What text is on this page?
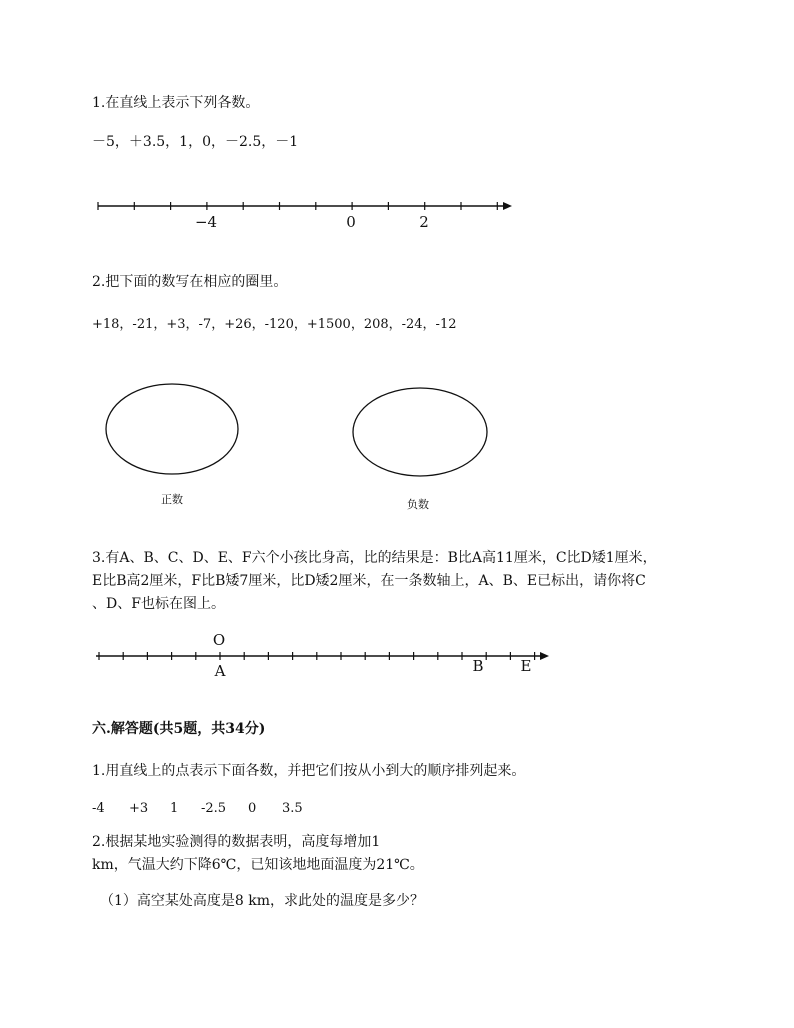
1.在直线上表示下列各数。
－5，＋3.5，1，0，－2.5，－1
−4	0	2
2.把下面的数写在相应的圈里。
+18，-21，+3，-7，+26，-120，+1500，208，-24，-12
正数	负数
3.有A、B、C、D、E、F六个小孩比身高，比的结果是：B比A高11厘米，C比D矮1厘米，
E比B高2厘米，F比B矮7厘米，比D矮2厘米，在一条数轴上，A、B、E已标出，请你将C
、D、F也标在图上。
O
A	B E
六.解答题(共5题，共34分)
1.用直线上的点表示下面各数，并把它们按从小到大的顺序排列起来。
-4 +3 1 -2.5 0 3.5
2.根据某地实验测得的数据表明，高度每增加1
km，气温大约下降6℃，已知该地地面温度为21℃。
（1）高空某处高度是8 km，求此处的温度是多少？
